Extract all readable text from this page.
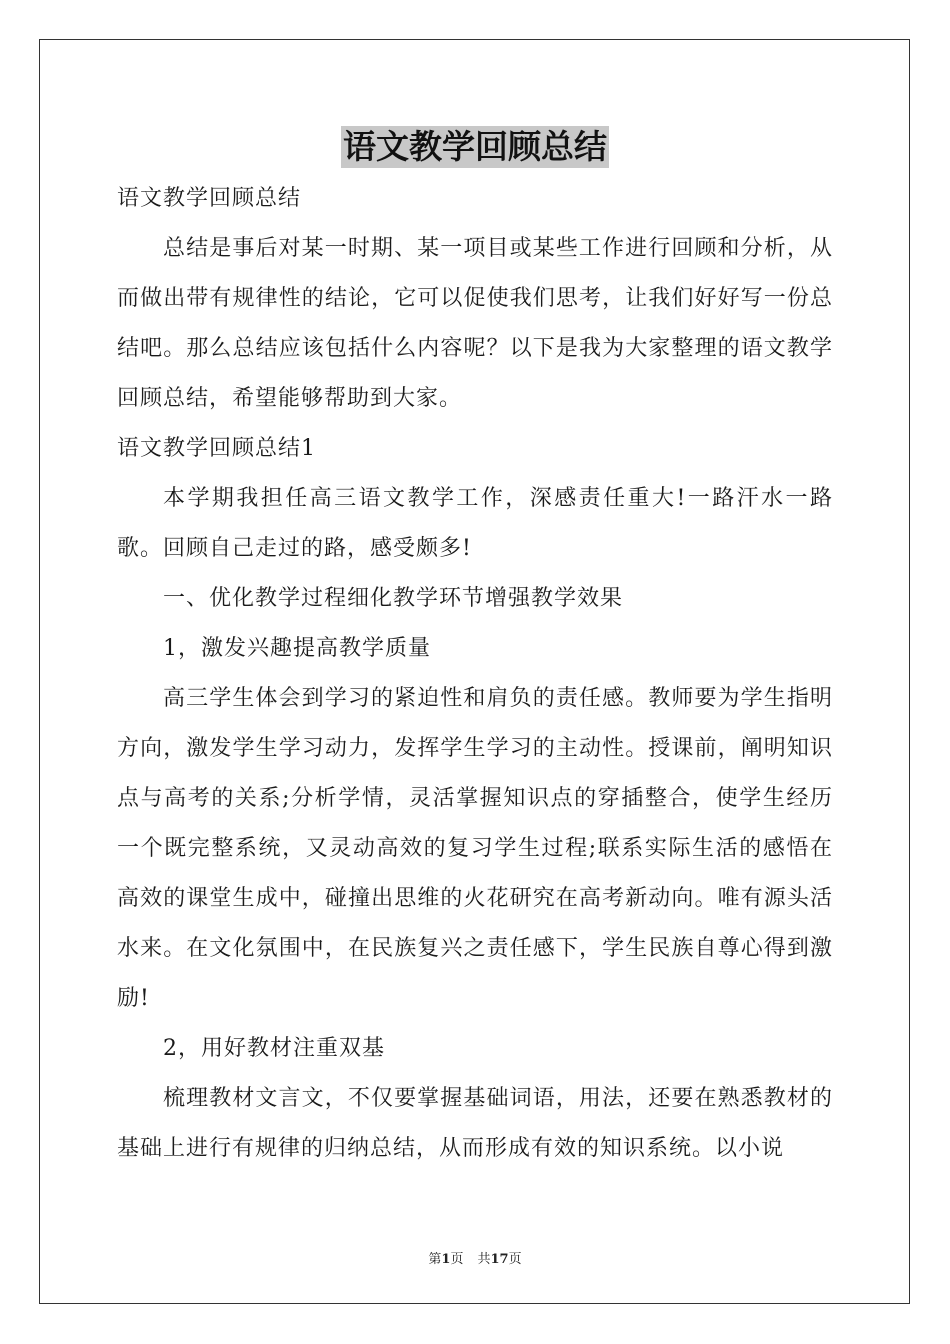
语文教学回顾总结

语文教学回顾总结

总结是事后对某一时期、某一项目或某些工作进行回顾和分析，从而做出带有规律性的结论，它可以促使我们思考，让我们好好写一份总结吧。那么总结应该包括什么内容呢？以下是我为大家整理的语文教学回顾总结，希望能够帮助到大家。

语文教学回顾总结1

本学期我担任高三语文教学工作，深感责任重大!一路汗水一路歌。回顾自己走过的路，感受颇多!

一、优化教学过程细化教学环节增强教学效果

1，激发兴趣提高教学质量

高三学生体会到学习的紧迫性和肩负的责任感。教师要为学生指明方向，激发学生学习动力，发挥学生学习的主动性。授课前，阐明知识点与高考的关系;分析学情，灵活掌握知识点的穿插整合，使学生经历一个既完整系统，又灵动高效的复习学生过程;联系实际生活的感悟在高效的课堂生成中，碰撞出思维的火花研究在高考新动向。唯有源头活水来。在文化氛围中，在民族复兴之责任感下，学生民族自尊心得到激励!

2，用好教材注重双基

梳理教材文言文，不仅要掌握基础词语，用法，还要在熟悉教材的基础上进行有规律的归纳总结，从而形成有效的知识系统。以小说

第1页 共17页
